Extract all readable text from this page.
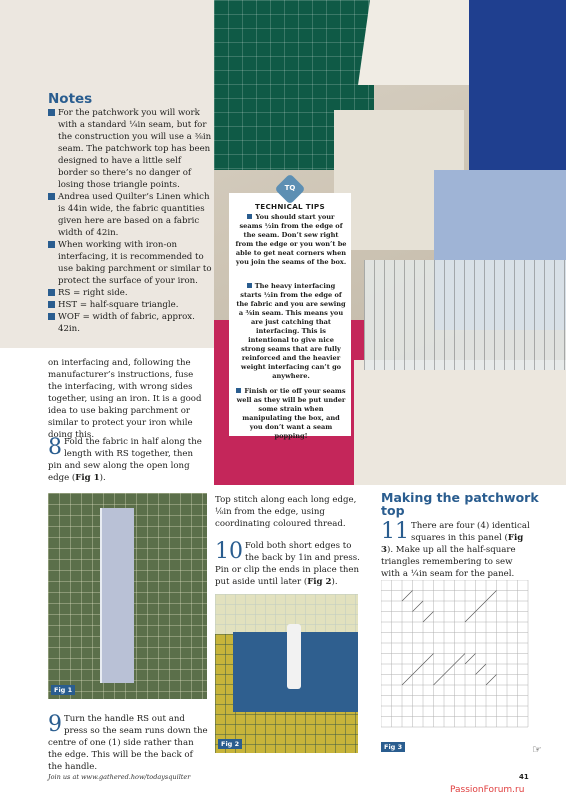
Notes
For the patchwork you will work with a standard ¼in seam, but for the construction you will use a ⅜in seam. The patchwork top has been designed to have a little self border so there’s no danger of losing those triangle points.
Andrea used Quilter’s Linen which is 44in wide, the fabric quantities given here are based on a fabric width of 42in.
When working with iron-on interfacing, it is recommended to use baking parchment or similar to protect the surface of your iron.
RS = right side.
HST = half-square triangle.
WOF = width of fabric, approx. 42in.
TQ
TECHNICAL TIPS
You should start your seams ½in from the edge of the seam. Don’t sew right from the edge or you won’t be able to get neat corners when you join the seams of the box.
The heavy interfacing starts ½in from the edge of the fabric and you are sewing a ⅜in seam. This means you are just catching that interfacing. This is intentional to give nice strong seams that are fully reinforced and the heavier weight interfacing can’t go anywhere.
Finish or tie off your seams well as they will be put under some strain when manipulating the box, and you don’t want a seam popping!
on interfacing and, following the manufacturer’s instructions, fuse the interfacing, with wrong sides together, using an iron. It is a good idea to use baking parchment or similar to protect your iron while doing this.
8 Fold the fabric in half along the length with RS together, then pin and sew along the open long edge (Fig 1).
Fig 1
9 Turn the handle RS out and press so the seam runs down the centre of one (1) side rather than the edge. This will be the back of the handle.
Top stitch along each long edge, ⅛in from the edge, using coordinating coloured thread.
10 Fold both short edges to the back by 1in and press. Pin or clip the ends in place then put aside until later (Fig 2).
Fig 2
Making the patchwork top
11 There are four (4) identical squares in this panel (Fig 3). Make up all the half-square triangles remembering to sew with a ¼in seam for the panel.
Fig 3
Join us at www.gathered.how/todaysquilter	41
PassionForum.ru
☞
